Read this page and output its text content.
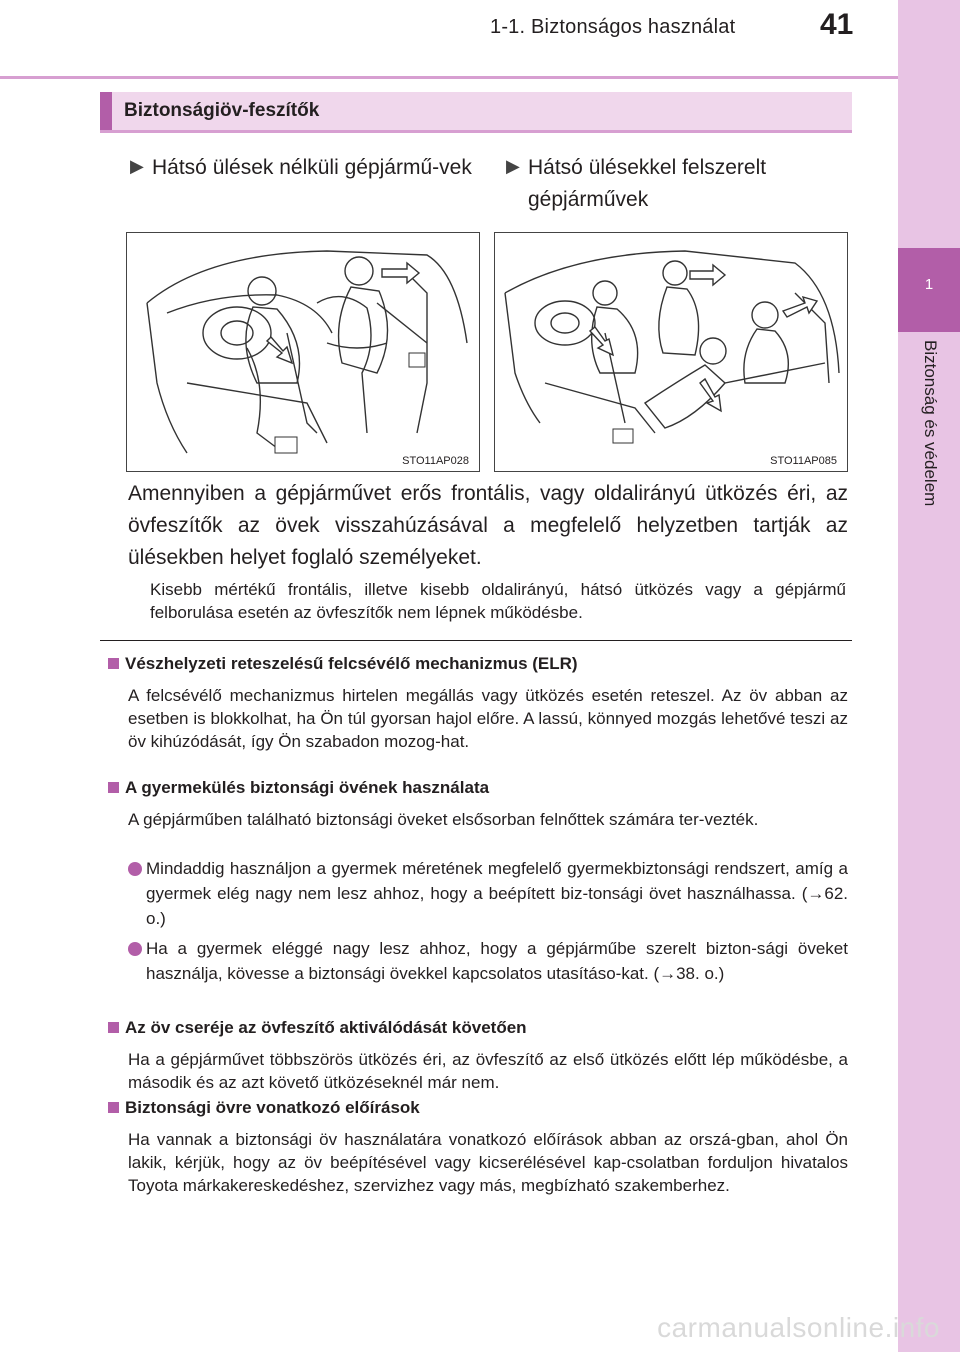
1-1. Biztonságos használat	41
1
Biztonság és védelem
Biztonságiöv-feszítők
▶ Hátsó ülések nélküli gépjármű-vek	▶ Hátsó ülésekkel felszerelt gépjárművek
STO11AP028	STO11AP085
Amennyiben a gépjárművet erős frontális, vagy oldalirányú ütközés éri, az övfeszítők az övek visszahúzásával a megfelelő helyzetben tartják az ülésekben helyet foglaló személyeket.
Kisebb mértékű frontális, illetve kisebb oldalirányú, hátsó ütközés vagy a gépjármű felborulása esetén az övfeszítők nem lépnek működésbe.
Vészhelyzeti reteszelésű felcsévélő mechanizmus (ELR)
A felcsévélő mechanizmus hirtelen megállás vagy ütközés esetén reteszel. Az öv abban az esetben is blokkolhat, ha Ön túl gyorsan hajol előre. A lassú, könnyed mozgás lehetővé teszi az öv kihúzódását, így Ön szabadon mozog-hat.
A gyermekülés biztonsági övének használata
A gépjárműben található biztonsági öveket elsősorban felnőttek számára ter-vezték.
Mindaddig használjon a gyermek méretének megfelelő gyermekbiztonsági rendszert, amíg a gyermek elég nagy nem lesz ahhoz, hogy a beépített biz-tonsági övet használhassa. (→62. o.)
Ha a gyermek eléggé nagy lesz ahhoz, hogy a gépjárműbe szerelt bizton-sági öveket használja, kövesse a biztonsági övekkel kapcsolatos utasításo-kat. (→38. o.)
Az öv cseréje az övfeszítő aktiválódását követően
Ha a gépjárművet többszörös ütközés éri, az övfeszítő az első ütközés előtt lép működésbe, a második és az azt követő ütközéseknél már nem.
Biztonsági övre vonatkozó előírások
Ha vannak a biztonsági öv használatára vonatkozó előírások abban az orszá-gban, ahol Ön lakik, kérjük, hogy az öv beépítésével vagy kicserélésével kap-csolatban forduljon hivatalos Toyota márkakereskedéshez, szervizhez vagy más, megbízható szakemberhez.
carmanualsonline.info
